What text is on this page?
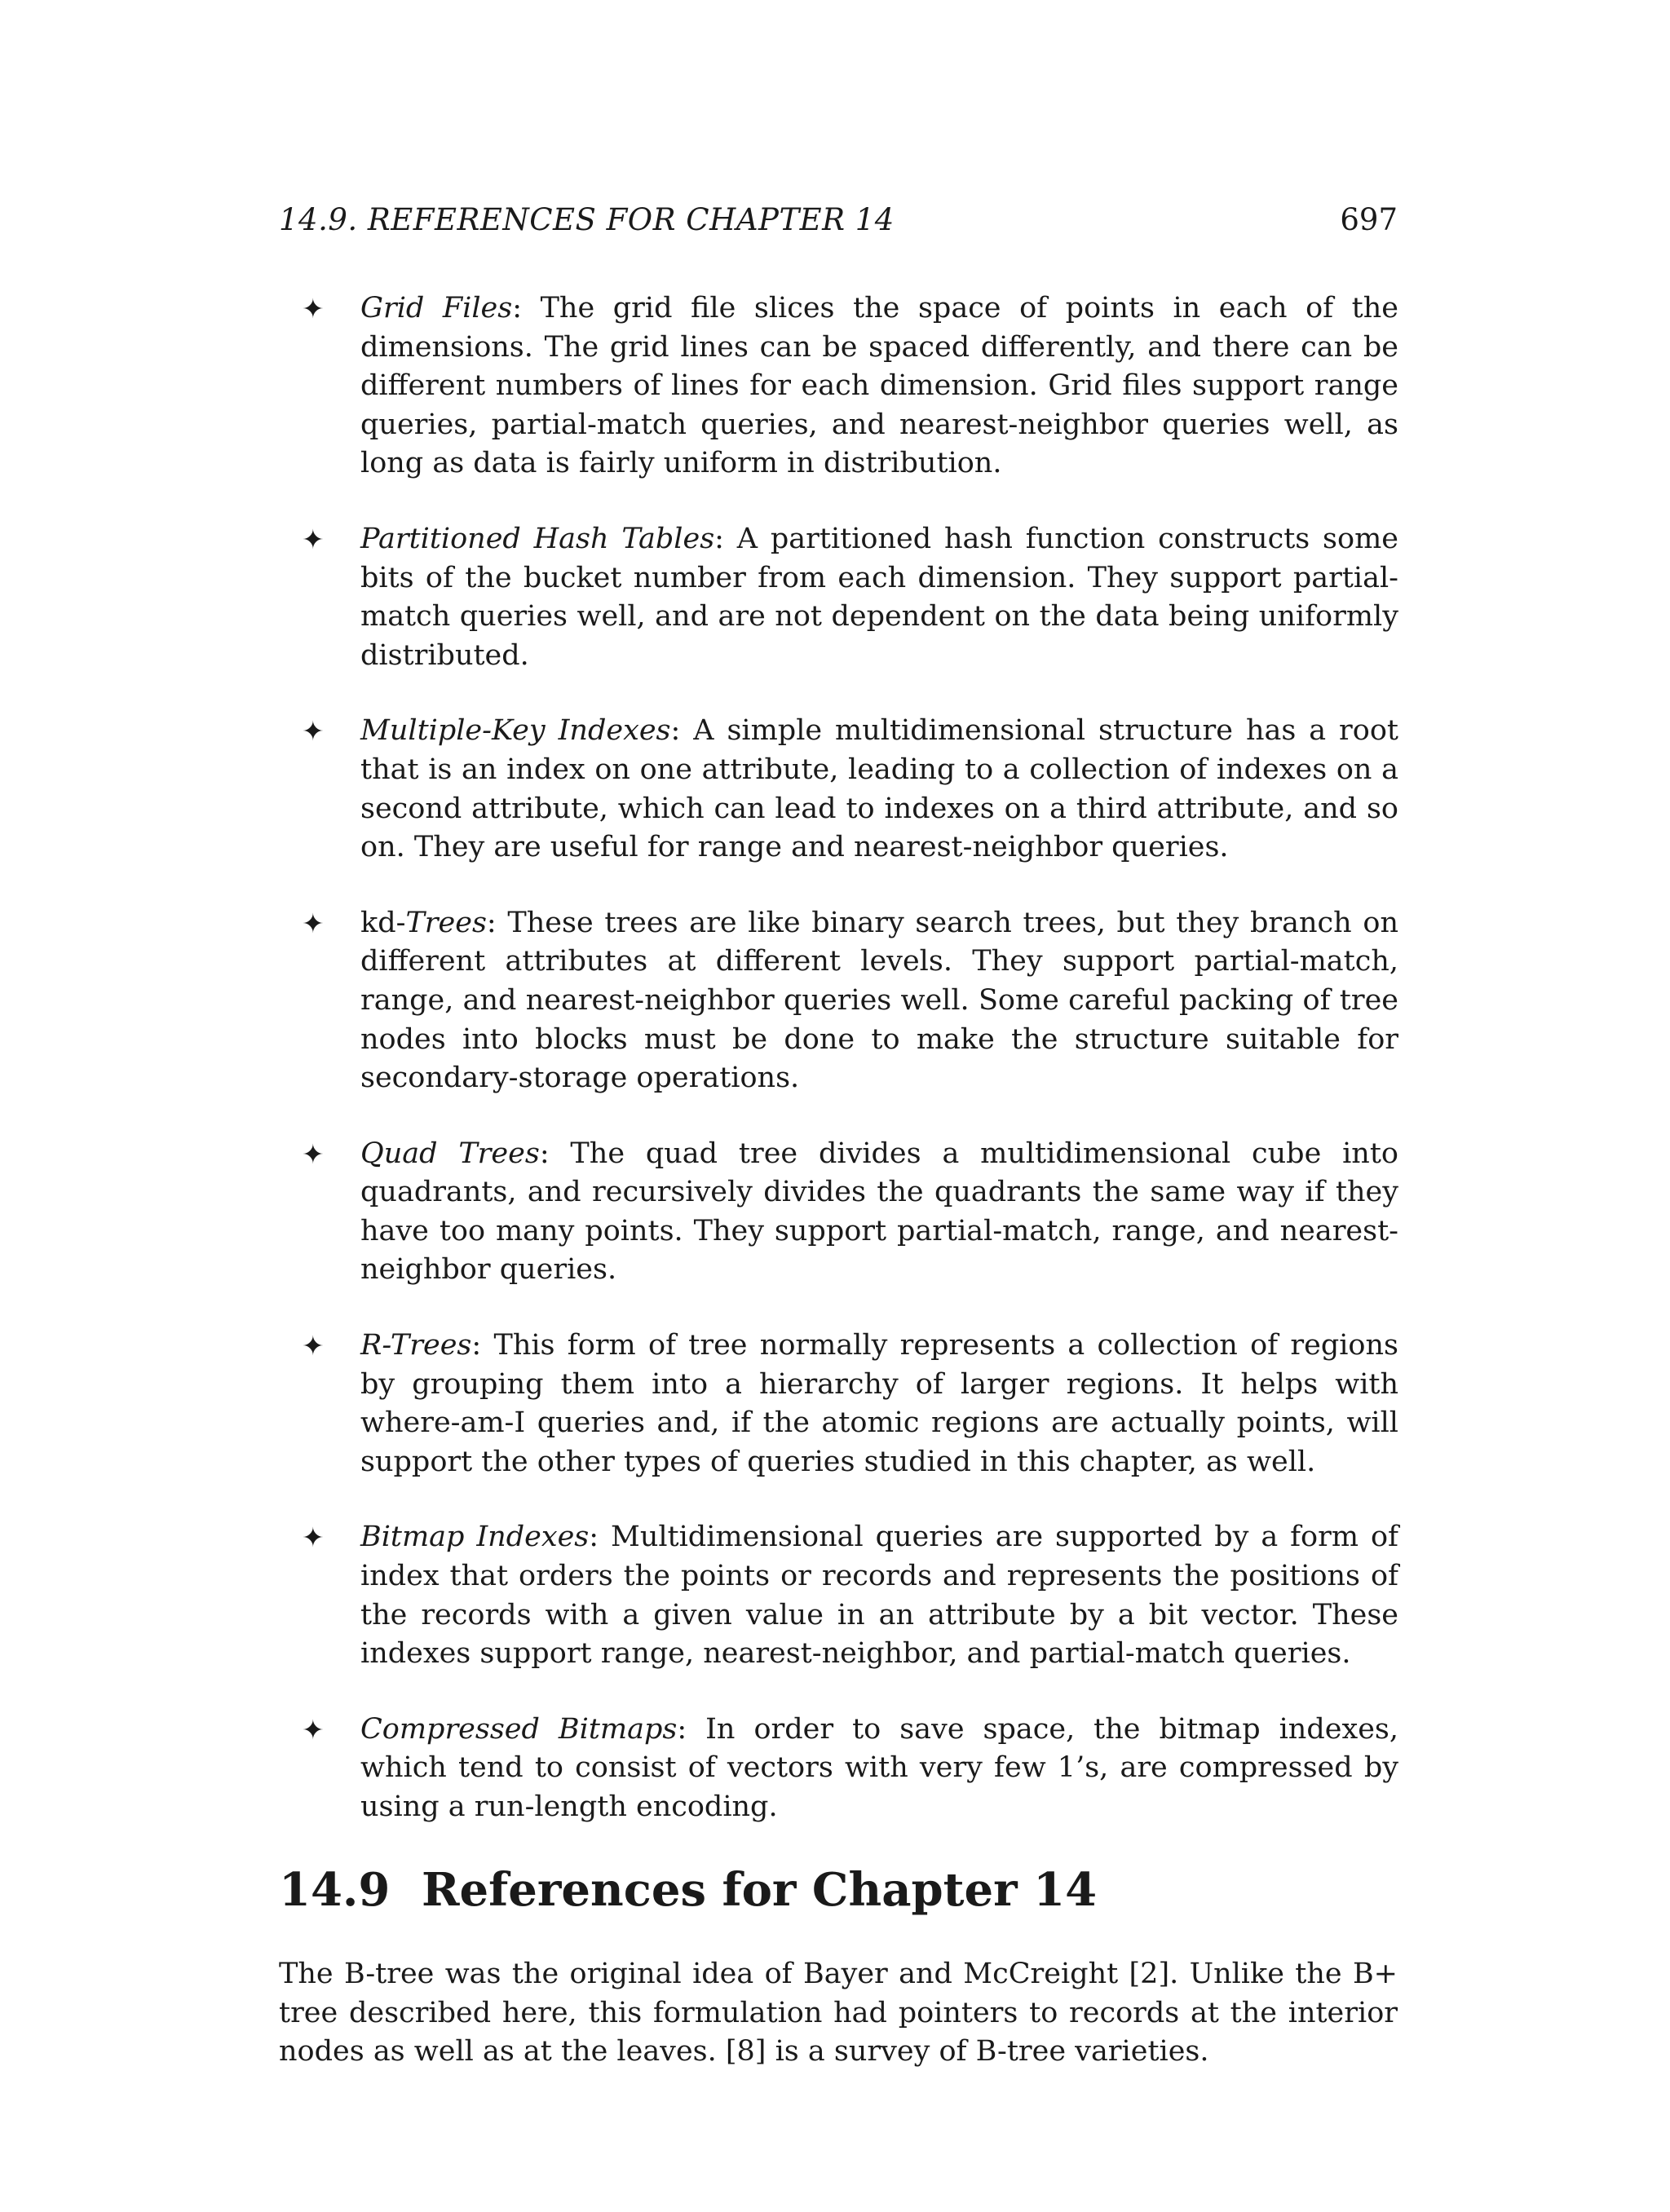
14.9. REFERENCES FOR CHAPTER 14	697
✦ Grid Files: The grid file slices the space of points in each of the dimensions. The grid lines can be spaced differently, and there can be different numbers of lines for each dimension. Grid files support range queries, partial-match queries, and nearest-neighbor queries well, as long as data is fairly uniform in distribution.
✦ Partitioned Hash Tables: A partitioned hash function constructs some bits of the bucket number from each dimension. They support partial-match queries well, and are not dependent on the data being uniformly distributed.
✦ Multiple-Key Indexes: A simple multidimensional structure has a root that is an index on one attribute, leading to a collection of indexes on a second attribute, which can lead to indexes on a third attribute, and so on. They are useful for range and nearest-neighbor queries.
✦ kd-Trees: These trees are like binary search trees, but they branch on different attributes at different levels. They support partial-match, range, and nearest-neighbor queries well. Some careful packing of tree nodes into blocks must be done to make the structure suitable for secondary-storage operations.
✦ Quad Trees: The quad tree divides a multidimensional cube into quadrants, and recursively divides the quadrants the same way if they have too many points. They support partial-match, range, and nearest-neighbor queries.
✦ R-Trees: This form of tree normally represents a collection of regions by grouping them into a hierarchy of larger regions. It helps with where-am-I queries and, if the atomic regions are actually points, will support the other types of queries studied in this chapter, as well.
✦ Bitmap Indexes: Multidimensional queries are supported by a form of index that orders the points or records and represents the positions of the records with a given value in an attribute by a bit vector. These indexes support range, nearest-neighbor, and partial-match queries.
✦ Compressed Bitmaps: In order to save space, the bitmap indexes, which tend to consist of vectors with very few 1’s, are compressed by using a run-length encoding.
14.9 References for Chapter 14

The B-tree was the original idea of Bayer and McCreight [2]. Unlike the B+ tree described here, this formulation had pointers to records at the interior nodes as well as at the leaves. [8] is a survey of B-tree varieties.
